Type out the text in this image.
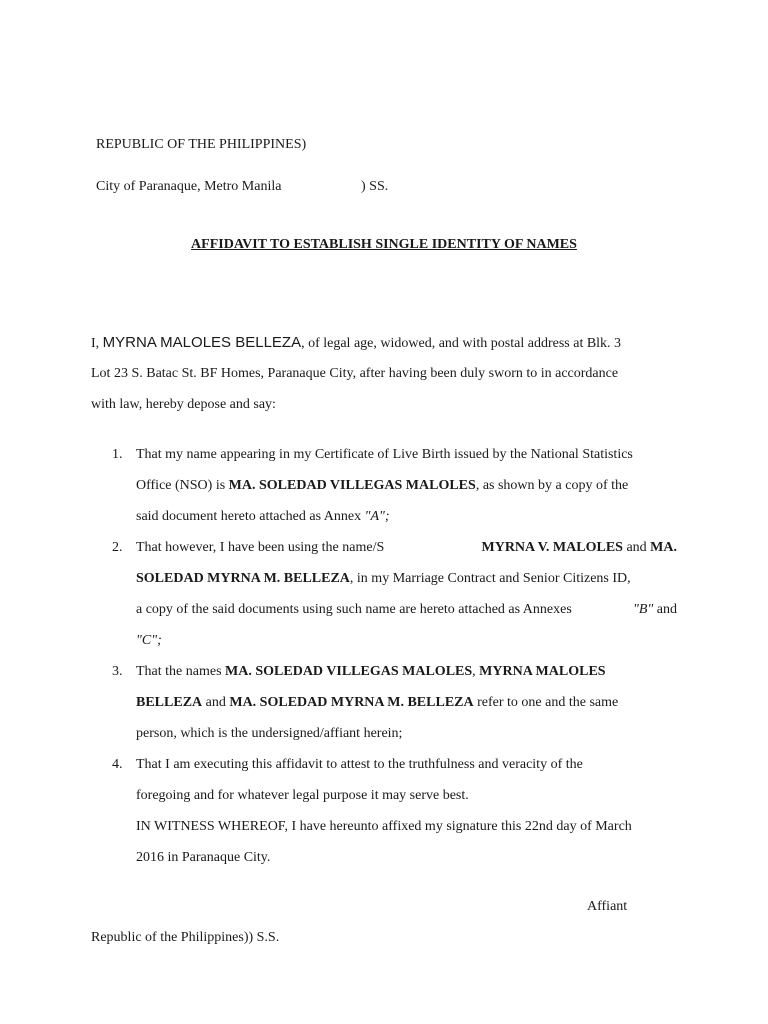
REPUBLIC OF THE PHILIPPINES)
City of Paranaque, Metro Manila	) SS.
AFFIDAVIT TO ESTABLISH SINGLE IDENTITY OF NAMES
I, MYRNA MALOLES BELLEZA, of legal age, widowed, and with postal address at Blk. 3
Lot 23 S. Batac St. BF Homes, Paranaque City, after having been duly sworn to in accordance
with law, hereby depose and say:
1. That my name appearing in my Certificate of Live Birth issued by the National Statistics
Office (NSO) is MA. SOLEDAD VILLEGAS MALOLES, as shown by a copy of the
said document hereto attached as Annex "A";
2. That however, I have been using the name/S	MYRNA V. MALOLES and MA.
SOLEDAD MYRNA M. BELLEZA, in my Marriage Contract and Senior Citizens ID,
a copy of the said documents using such name are hereto attached as Annexes	"B" and
"C";
3. That the names MA. SOLEDAD VILLEGAS MALOLES, MYRNA MALOLES
BELLEZA and MA. SOLEDAD MYRNA M. BELLEZA refer to one and the same
person, which is the undersigned/affiant herein;
4. That I am executing this affidavit to attest to the truthfulness and veracity of the
foregoing and for whatever legal purpose it may serve best.
IN WITNESS WHEREOF, I have hereunto affixed my signature this 22nd day of March
2016 in Paranaque City.
Affiant
Republic of the Philippines)) S.S.
